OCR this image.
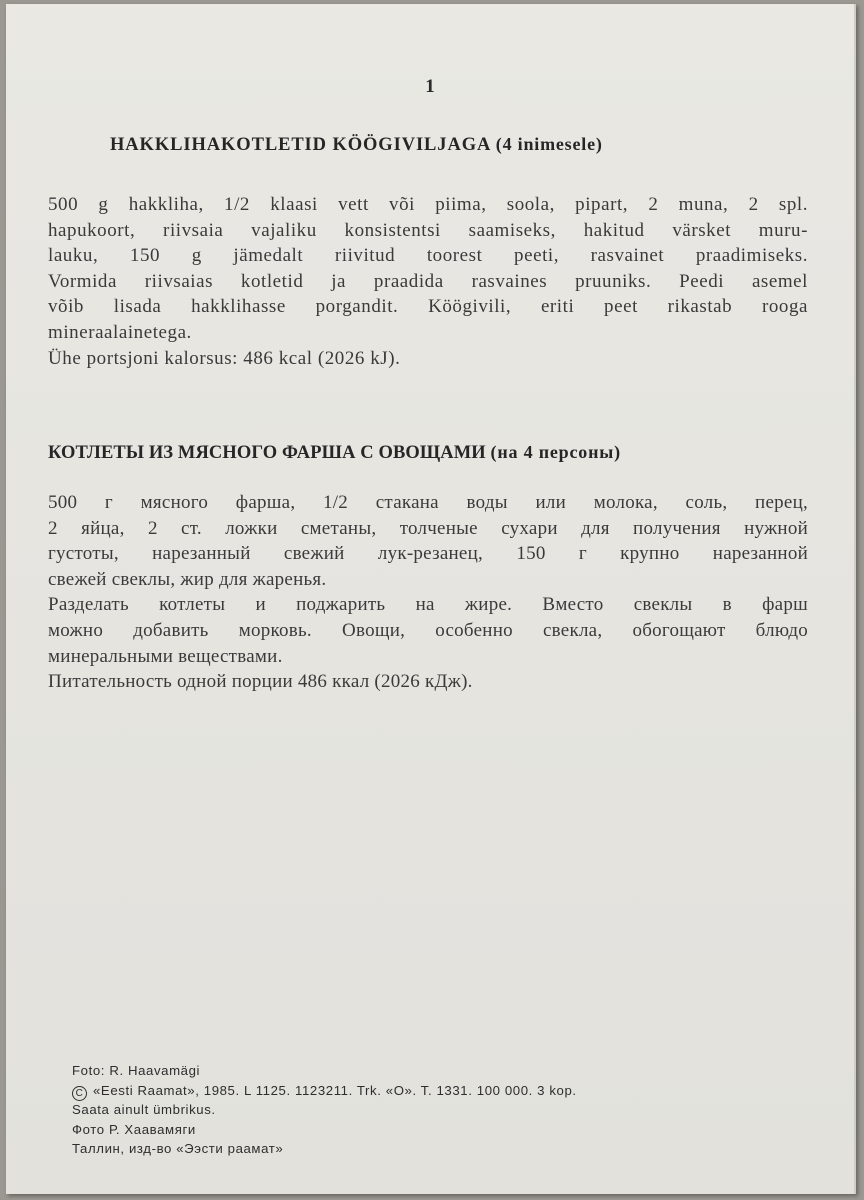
1
HAKKLIHAKOTLETID KÖÖGIVILJAGA (4 inimesele)
500 g hakkliha, 1/2 klaasi vett või piima, soola, pipart, 2 muna, 2 spl.
hapukoort, riivsaia vajaliku konsistentsi saamiseks, hakitud värsket muru-
lauku, 150 g jämedalt riivitud toorest peeti, rasvainet praadimiseks.
Vormida riivsaias kotletid ja praadida rasvaines pruuniks. Peedi asemel
võib lisada hakklihasse porgandit. Köögivili, eriti peet rikastab rooga
mineraalainetega.
Ühe portsjoni kalorsus: 486 kcal (2026 kJ).
КОТЛЕТЫ ИЗ МЯСНОГО ФАРША С ОВОЩАМИ (на 4 персоны)
500 г мясного фарша, 1/2 стакана воды или молока, соль, перец,
2 яйца, 2 ст. ложки сметаны, толченые сухари для получения нужной
густоты, нарезанный свежий лук-резанец, 150 г крупно нарезанной
свежей свеклы, жир для жаренья.
Разделать котлеты и поджарить на жире. Вместо свеклы в фарш
можно добавить морковь. Овощи, особенно свекла, обогощают блюдо
минеральными веществами.
Питательность одной порции 486 ккал (2026 кДж).
Foto: R. Haavamägi
C «Eesti Raamat», 1985. L 1125. 1123211. Trk. «O». T. 1331. 100 000. 3 kop.
Saata ainult ümbrikus.
Фото Р. Хаавамяги
Таллин, изд-во «Ээсти раамат»
